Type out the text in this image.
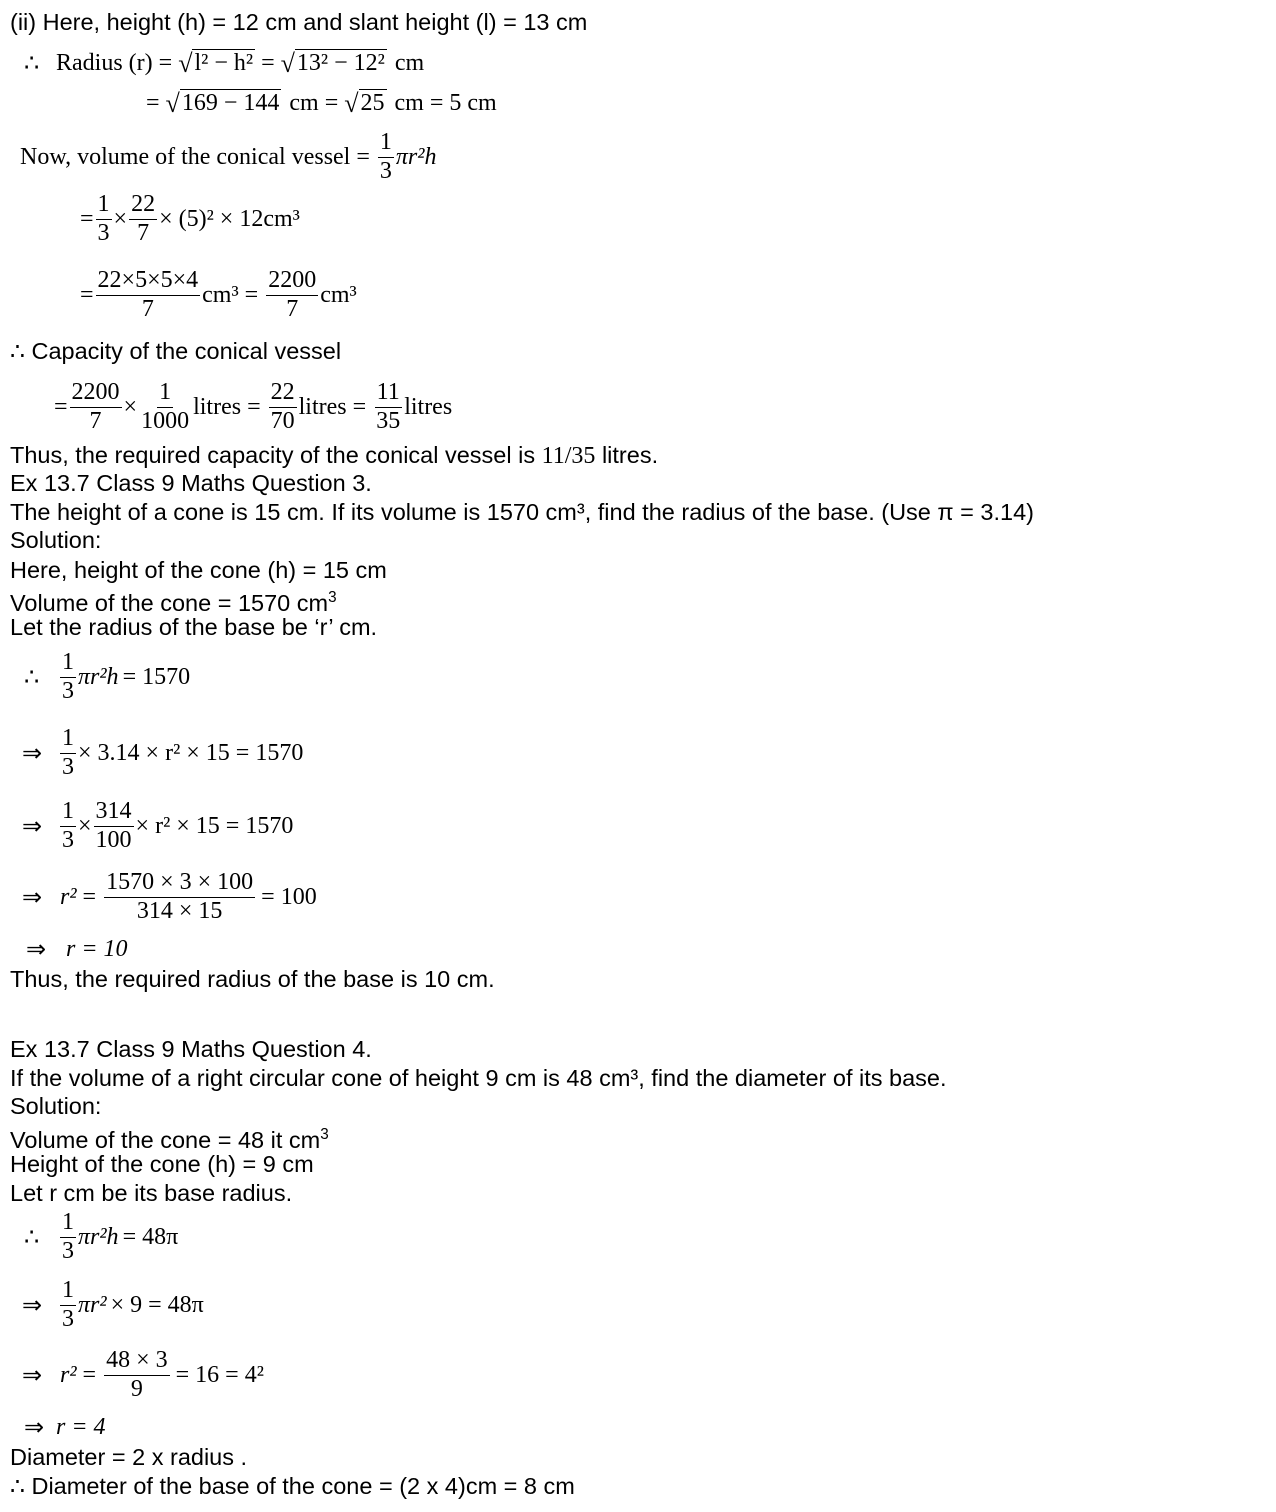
(ii) Here, height (h) = 12 cm and slant height (l) = 13 cm
∴ Radius (r) = √ l² − h² = √ 13² − 12² cm
= √ 169 − 144 cm = √ 25 cm = 5 cm
Now, volume of the conical vessel = $\frac{1}{3} \pi r^2h$
= $\frac{1}{3} \times \frac{22}{7} \times (5)^2 \times 12cm^3$
= $\frac{22\times 5\times 5\times 4}{7} cm^3 = \frac{2200}{7} cm^3$
∴ Capacity of the conical vessel
= $\frac{2200}{7} \times \frac{1}{1000}$ litres = $\frac{22}{70}$ litres = $\frac{11}{35}$ litres
Thus, the required capacity of the conical vessel is 11/35 litres.
Ex 13.7 Class 9 Maths Question 3.
The height of a cone is 15 cm. If its volume is 1570 cm³, find the radius of the base. (Use π = 3.14)
Solution:
Here, height of the cone (h) = 15 cm
Volume of the cone = 1570 $cm^3$
Let the radius of the base be ‘r’ cm.
∴ $\frac{1}{3} \pi r^2h = 1570$
⇒ $\frac{1}{3} \times 3.14 \times r^2 \times 15 = 1570$
⇒ $\frac{1}{3} \times \frac{314}{100} \times r^2 \times 15 = 1570$
⇒ $r^2 = \frac{1570 \times 3 \times 100}{314 \times 15} = 100$
⇒ r = 10
Thus, the required radius of the base is 10 cm.
Ex 13.7 Class 9 Maths Question 4.
If the volume of a right circular cone of height 9 cm is 48 cm³, find the diameter of its base.
Solution:
Volume of the cone = 48 it $cm^3$
Height of the cone (h) = 9 cm
Let r cm be its base radius.
∴ $\frac{1}{3} \pi r^2h = 48\pi$
⇒ $\frac{1}{3} \pi r^2 \times 9 = 48\pi$
⇒ $r^2 = \frac{48 \times 3}{9} = 16 = 4^2$
⇒ r = 4
Diameter = 2 x radius .
∴ Diameter of the base of the cone = (2 x 4)cm = 8 cm
